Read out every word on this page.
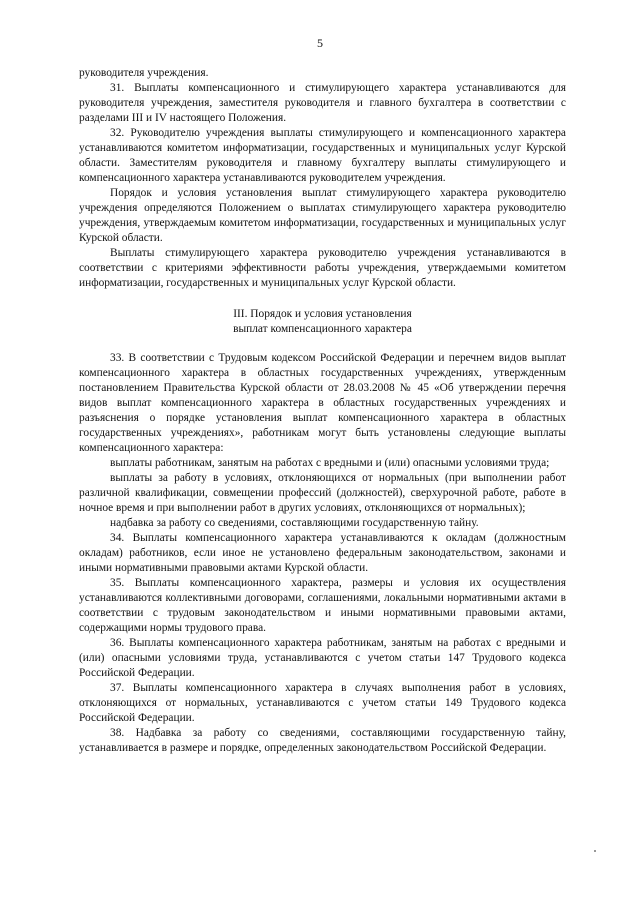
5

руководителя учреждения.

31. Выплаты компенсационного и стимулирующего характера устанавливаются для руководителя учреждения, заместителя руководителя и главного бухгалтера в соответствии с разделами III и IV настоящего Положения.

32. Руководителю учреждения выплаты стимулирующего и компенсационного характера устанавливаются комитетом информатизации, государственных и муниципальных услуг Курской области. Заместителям руководителя и главному бухгалтеру выплаты стимулирующего и компенсационного характера устанавливаются руководителем учреждения.

Порядок и условия установления выплат стимулирующего характера руководителю учреждения определяются Положением о выплатах стимулирующего характера руководителю учреждения, утверждаемым комитетом информатизации, государственных и муниципальных услуг Курской области.

Выплаты стимулирующего характера руководителю учреждения устанавливаются в соответствии с критериями эффективности работы учреждения, утверждаемыми комитетом информатизации, государственных и муниципальных услуг Курской области.

III. Порядок и условия установления
выплат компенсационного характера

33. В соответствии с Трудовым кодексом Российской Федерации и перечнем видов выплат компенсационного характера в областных государственных учреждениях, утвержденным постановлением Правительства Курской области от 28.03.2008 № 45 «Об утверждении перечня видов выплат компенсационного характера в областных государственных учреждениях и разъяснения о порядке установления выплат компенсационного характера в областных государственных учреждениях», работникам могут быть установлены следующие выплаты компенсационного характера:

выплаты работникам, занятым на работах с вредными и (или) опасными условиями труда;

выплаты за работу в условиях, отклоняющихся от нормальных (при выполнении работ различной квалификации, совмещении профессий (должностей), сверхурочной работе, работе в ночное время и при выполнении работ в других условиях, отклоняющихся от нормальных);

надбавка за работу со сведениями, составляющими государственную тайну.

34. Выплаты компенсационного характера устанавливаются к окладам (должностным окладам) работников, если иное не установлено федеральным законодательством, законами и иными нормативными правовыми актами Курской области.

35. Выплаты компенсационного характера, размеры и условия их осуществления устанавливаются коллективными договорами, соглашениями, локальными нормативными актами в соответствии с трудовым законодательством и иными нормативными правовыми актами, содержащими нормы трудового права.

36. Выплаты компенсационного характера работникам, занятым на работах с вредными и (или) опасными условиями труда, устанавливаются с учетом статьи 147 Трудового кодекса Российской Федерации.

37. Выплаты компенсационного характера в случаях выполнения работ в условиях, отклоняющихся от нормальных, устанавливаются с учетом статьи 149 Трудового кодекса Российской Федерации.

38. Надбавка за работу со сведениями, составляющими государственную тайну, устанавливается в размере и порядке, определенных законодательством Российской Федерации.
